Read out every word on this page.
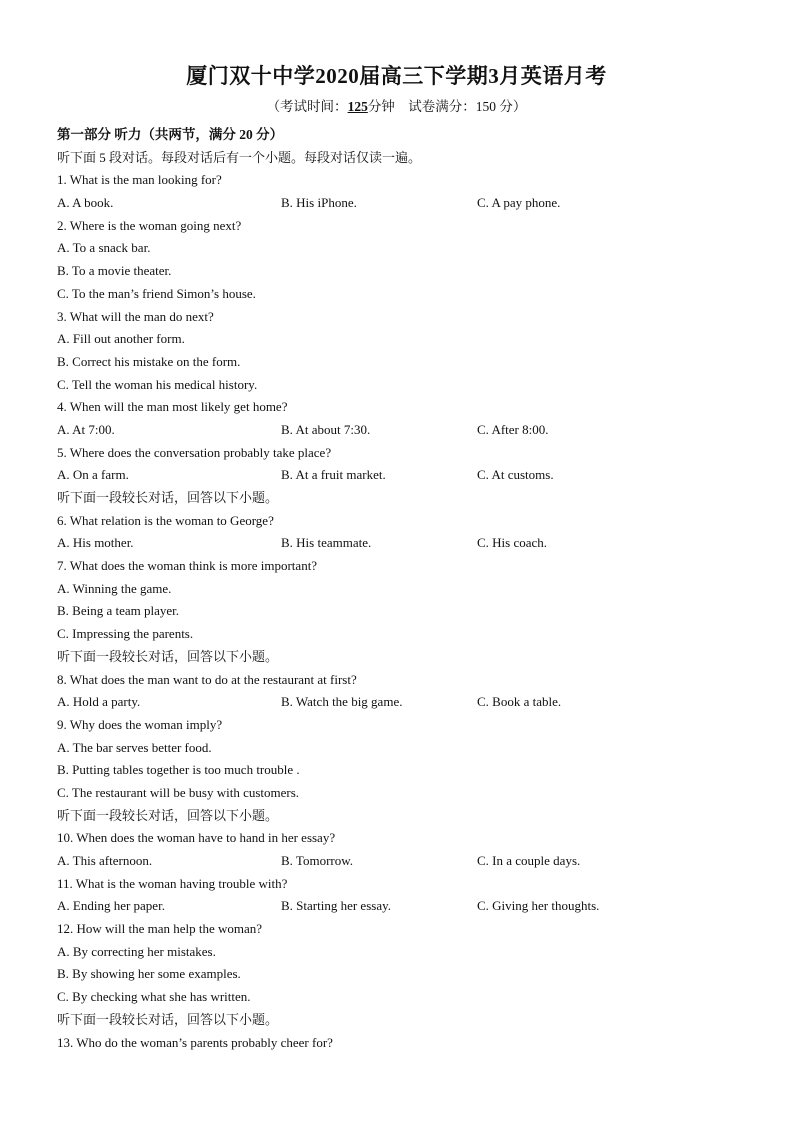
厦门双十中学2020届高三下学期3月英语月考
（考试时间：125分钟　试卷满分：150 分）
第一部分 听力（共两节，满分 20 分）
听下面 5 段对话。每段对话后有一个小题。每段对话仅读一遍。
1. What is the man looking for?
A. A book.	B. His iPhone.	C. A pay phone.
2. Where is the woman going next?
A. To a snack bar.
B. To a movie theater.
C. To the man’s friend Simon’s house.
3. What will the man do next?
A. Fill out another form.
B. Correct his mistake on the form.
C. Tell the woman his medical history.
4. When will the man most likely get home?
A. At 7:00.	B. At about 7:30.	C. After 8:00.
5. Where does the conversation probably take place?
A. On a farm.	B. At a fruit market.	C. At customs.
听下面一段较长对话，回答以下小题。
6. What relation is the woman to George?
A. His mother.	B. His teammate.	C. His coach.
7. What does the woman think is more important?
A. Winning the game.
B. Being a team player.
C. Impressing the parents.
听下面一段较长对话，回答以下小题。
8. What does the man want to do at the restaurant at first?
A. Hold a party.	B. Watch the big game.	C. Book a table.
9. Why does the woman imply?
A. The bar serves better food.
B. Putting tables together is too much trouble .
C. The restaurant will be busy with customers.
听下面一段较长对话，回答以下小题。
10. When does the woman have to hand in her essay?
A. This afternoon.	B. Tomorrow.	C. In a couple days.
11. What is the woman having trouble with?
A. Ending her paper.	B. Starting her essay.	C. Giving her thoughts.
12. How will the man help the woman?
A. By correcting her mistakes.
B. By showing her some examples.
C. By checking what she has written.
听下面一段较长对话，回答以下小题。
13. Who do the woman’s parents probably cheer for?
